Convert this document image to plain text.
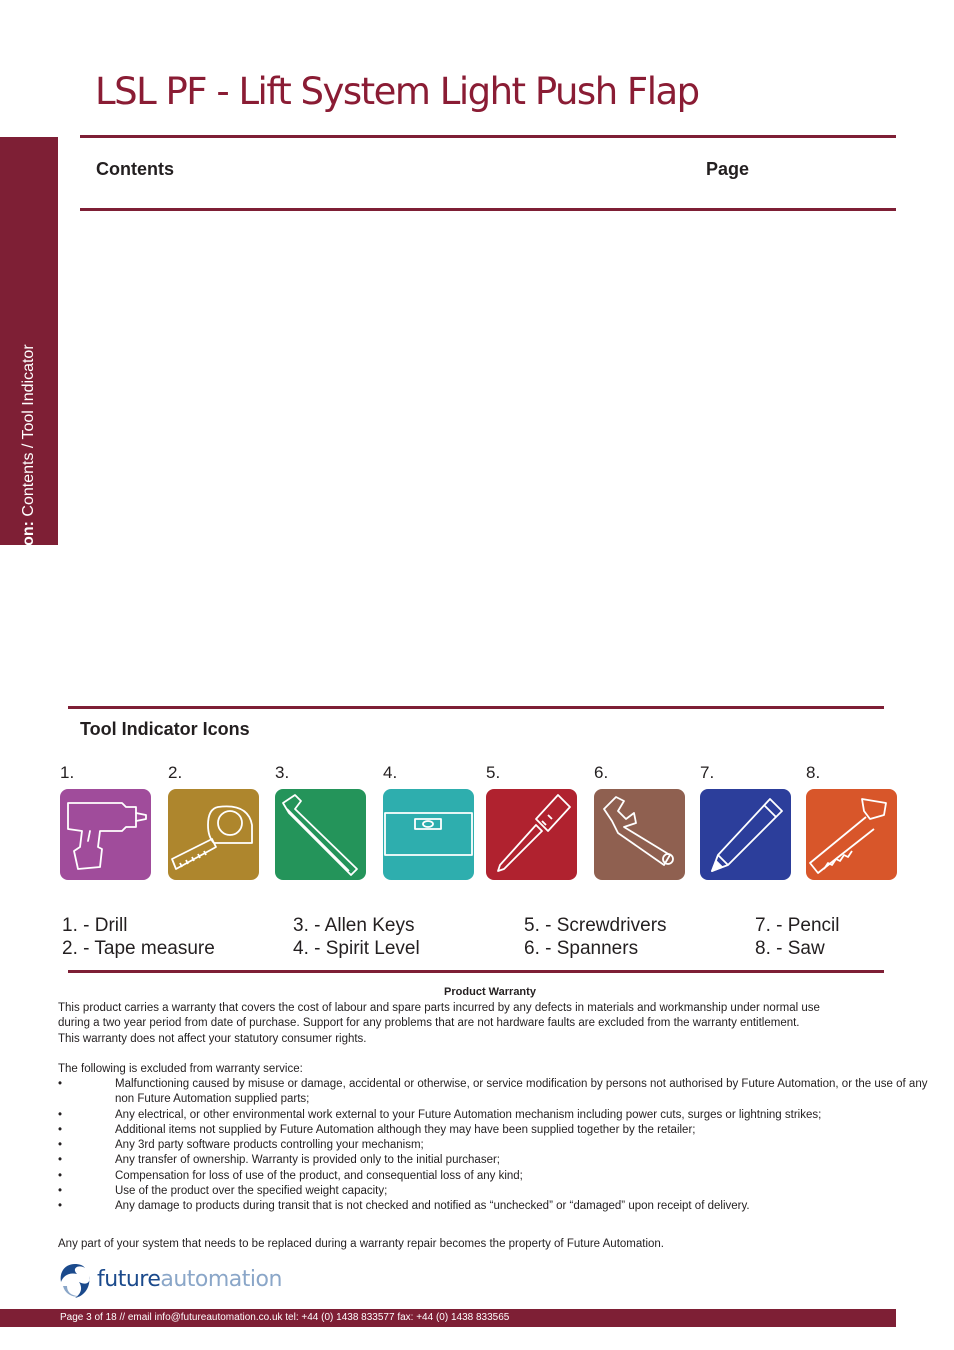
LSL PF - Lift System Light Push Flap
Introduction: Contents / Tool Indicator
Contents	Page
Tool Indicator Icons
1.	2.	3.	4.	5.	6.	7.	8.
1. - Drill
2. - Tape measure
3. - Allen Keys
4. - Spirit Level
5. - Screwdrivers
6. - Spanners
7. - Pencil
8. - Saw
Product Warranty
This product carries a warranty that covers the cost of labour and spare parts incurred by any defects in materials and workmanship under normal use
during a two year period from date of purchase. Support for any problems that are not hardware faults are excluded from the warranty entitlement.
This warranty does not affect your statutory consumer rights.
The following is excluded from warranty service:
•	Malfunctioning caused by misuse or damage, accidental or otherwise, or service modification by persons not authorised by Future Automation, or the use of any non Future Automation supplied parts;
•	Any electrical, or other environmental work external to your Future Automation mechanism including power cuts, surges or lightning strikes;
•	Additional items not supplied by Future Automation although they may have been supplied together by the retailer;
•	Any 3rd party software products controlling your mechanism;
•	Any transfer of ownership. Warranty is provided only to the initial purchaser;
•	Compensation for loss of use of the product, and consequential loss of any kind;
•	Use of the product over the specified weight capacity;
•	Any damage to products during transit that is not checked and notified as “unchecked” or “damaged” upon receipt of delivery.
Any part of your system that needs to be replaced during a warranty repair becomes the property of Future Automation.
futureautomation
Page 3 of 18 // email info@futureautomation.co.uk tel: +44 (0) 1438 833577 fax: +44 (0) 1438 833565
